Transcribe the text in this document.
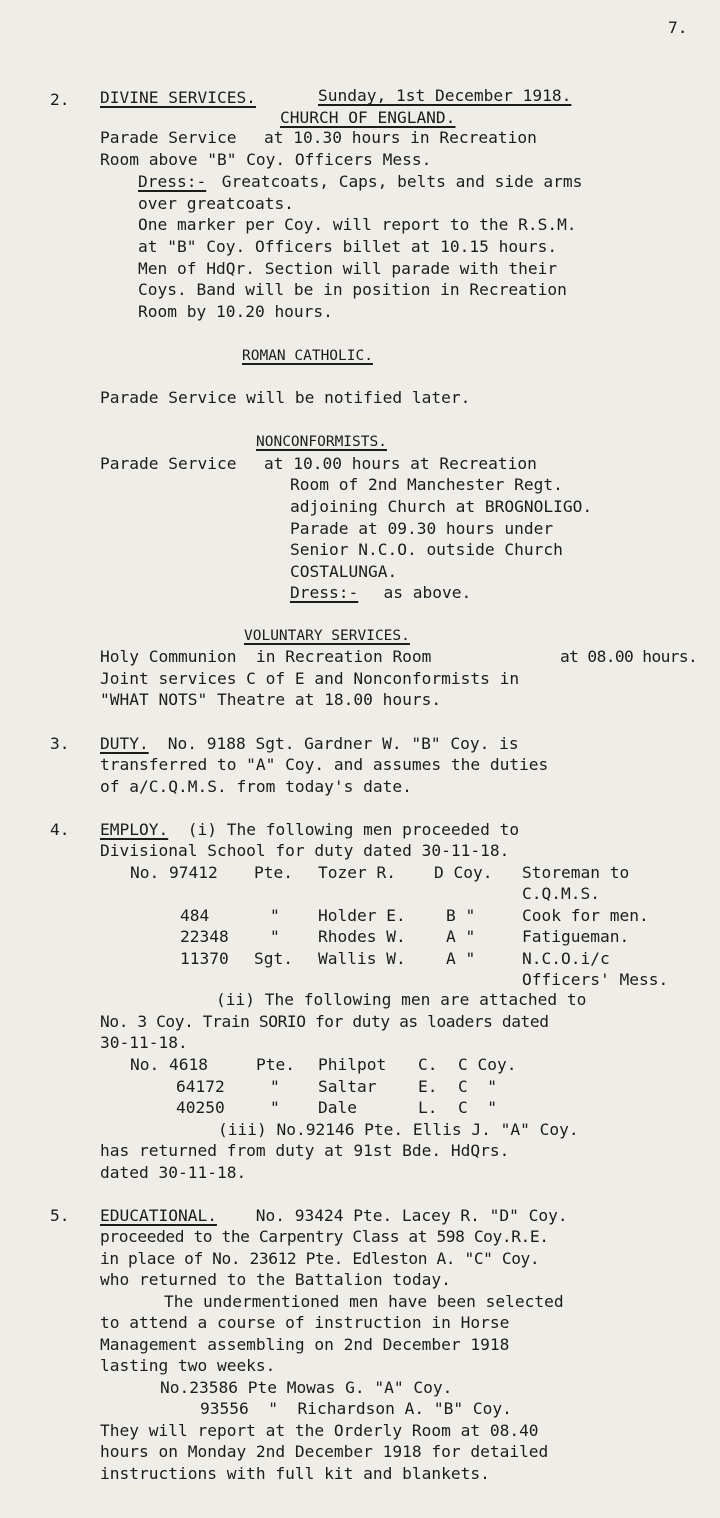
7.
2. DIVINE SERVICES.	Sunday, 1st December 1918.
CHURCH OF ENGLAND.
Parade Service at 10.30 hours in Recreation
Room above "B" Coy. Officers Mess.
Dress:- Greatcoats, Caps, belts and side arms
over greatcoats.
One marker per Coy. will report to the R.S.M.
at "B" Coy. Officers billet at 10.15 hours.
Men of HdQr. Section will parade with their
Coys. Band will be in position in Recreation
Room by 10.20 hours.
ROMAN CATHOLIC.
Parade Service will be notified later.
NONCONFORMISTS.
Parade Service at 10.00 hours at Recreation
Room of 2nd Manchester Regt.
adjoining Church at BROGNOLIGO.
Parade at 09.30 hours under
Senior N.C.O. outside Church
COSTALUNGA.
Dress:- as above.
VOLUNTARY SERVICES.
Holy Communion in Recreation Room	at 08.00 hours.
Joint services C of E and Nonconformists in
"WHAT NOTS" Theatre at 18.00 hours.
3. DUTY. No. 9188 Sgt. Gardner W. "B" Coy. is
transferred to "A" Coy. and assumes the duties
of a/C.Q.M.S. from today's date.
4. EMPLOY. (i) The following men proceeded to
Divisional School for duty dated 30-11-18.
No. 97412 Pte. Tozer R. D Coy. Storeman to
C.Q.M.S.
484	" Holder E. B "	Cook for men.
22348	" Rhodes W. A "	Fatigueman.
11370 Sgt. Wallis W. A "	N.C.O.i/c
Officers' Mess.
(ii) The following men are attached to
No. 3 Coy. Train SORIO for duty as loaders dated
30-11-18.
No. 4618	Pte. Philpot C. C Coy.
64172	" Saltar	E. C  "
40250	" Dale	L. C  "
(iii) No.92146 Pte. Ellis J. "A" Coy.
has returned from duty at 91st Bde. HdQrs.
dated 30-11-18.
5. EDUCATIONAL. No. 93424 Pte. Lacey R. "D" Coy.
proceeded to the Carpentry Class at 598 Coy.R.E.
in place of No. 23612 Pte. Edleston A. "C" Coy.
who returned to the Battalion today.
The undermentioned men have been selected
to attend a course of instruction in Horse
Management assembling on 2nd December 1918
lasting two weeks.
No.23586 Pte Mowas G. "A" Coy.
93556  "  Richardson A. "B" Coy.
They will report at the Orderly Room at 08.40
hours on Monday 2nd December 1918 for detailed
instructions with full kit and blankets.
